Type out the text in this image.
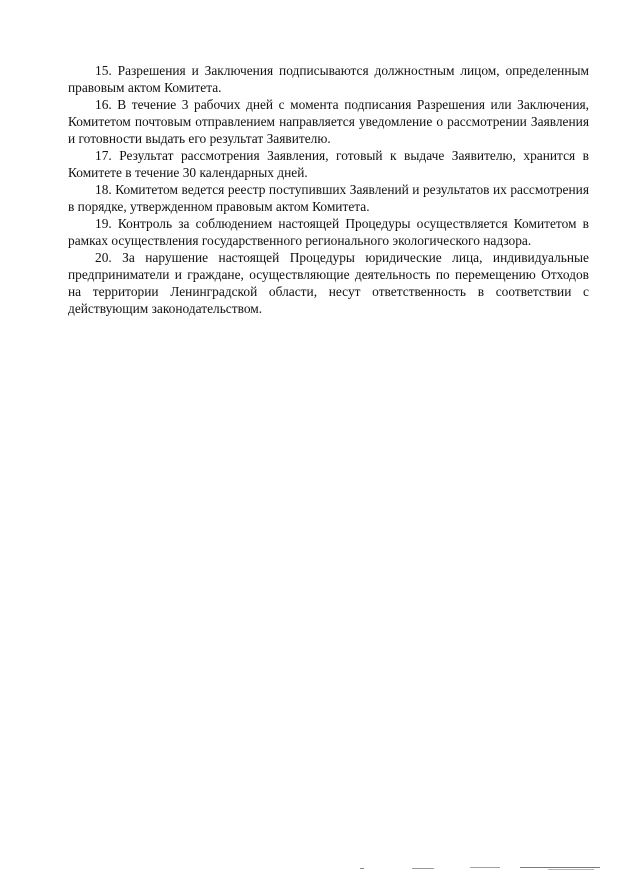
15. Разрешения и Заключения подписываются должностным лицом, определенным правовым актом Комитета.

16. В течение 3 рабочих дней с момента подписания Разрешения или Заключения, Комитетом почтовым отправлением направляется уведомление о рассмотрении Заявления и готовности выдать его результат Заявителю.

17. Результат рассмотрения Заявления, готовый к выдаче Заявителю, хранится в Комитете в течение 30 календарных дней.

18. Комитетом ведется реестр поступивших Заявлений и результатов их рассмотрения в порядке, утвержденном правовым актом Комитета.

19. Контроль за соблюдением настоящей Процедуры осуществляется Комитетом в рамках осуществления государственного регионального экологического надзора.

20. За нарушение настоящей Процедуры юридические лица, индивидуальные предприниматели и граждане, осуществляющие деятельность по перемещению Отходов на территории Ленинградской области, несут ответственность в соответствии с действующим законодательством.
